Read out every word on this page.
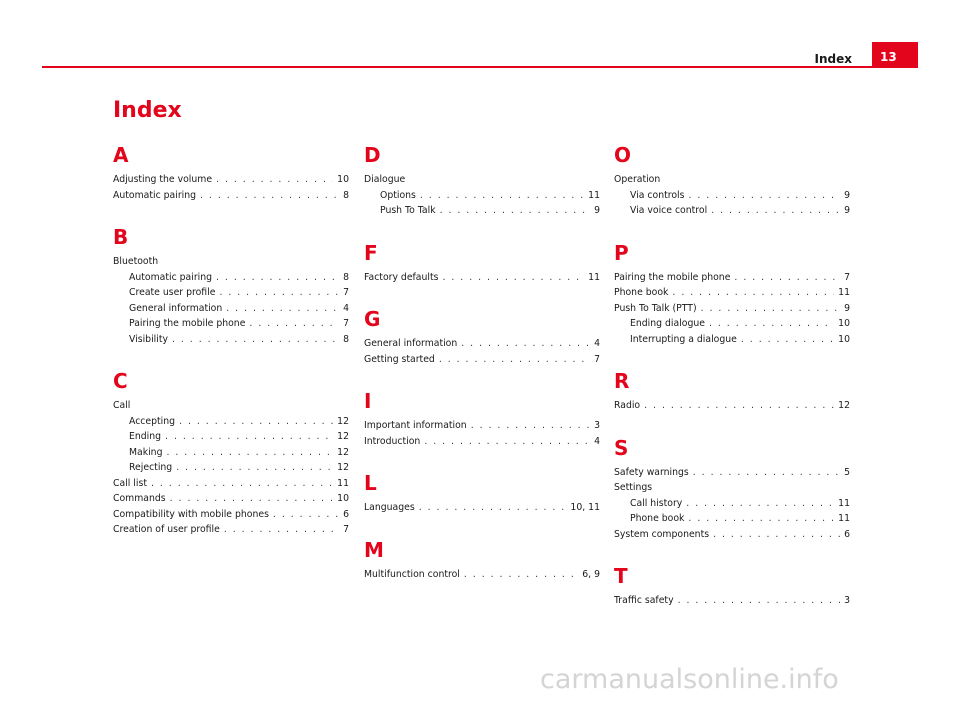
Index	13
Index
A
Adjusting the volume . . .	10
Automatic pairing . . .	8
B
Bluetooth
Automatic pairing . . .	8
Create user profile . . .	7
General information . . .	4
Pairing the mobile phone . . .	7
Visibility . . .	8
C
Call
Accepting . . .	12
Ending . . .	12
Making . . .	12
Rejecting . . .	12
Call list . . .	11
Commands . . .	10
Compatibility with mobile phones . . .	6
Creation of user profile . . .	7
D
Dialogue
Options . . .	11
Push To Talk . . .	9
F
Factory defaults . . .	11
G
General information . . .	4
Getting started . . .	7
I
Important information . . .	3
Introduction . . .	4
L
Languages . . .	10, 11
M
Multifunction control . . .	6, 9
O
Operation
Via controls . . .	9
Via voice control . . .	9
P
Pairing the mobile phone . . .	7
Phone book . . .	11
Push To Talk (PTT) . . .	9
Ending dialogue . . .	10
Interrupting a dialogue . . .	10
R
Radio . . .	12
S
Safety warnings . . .	5
Settings
Call history . . .	11
Phone book . . .	11
System components . . .	6
T
Traffic safety . . .	3
carmanualsonline.info
